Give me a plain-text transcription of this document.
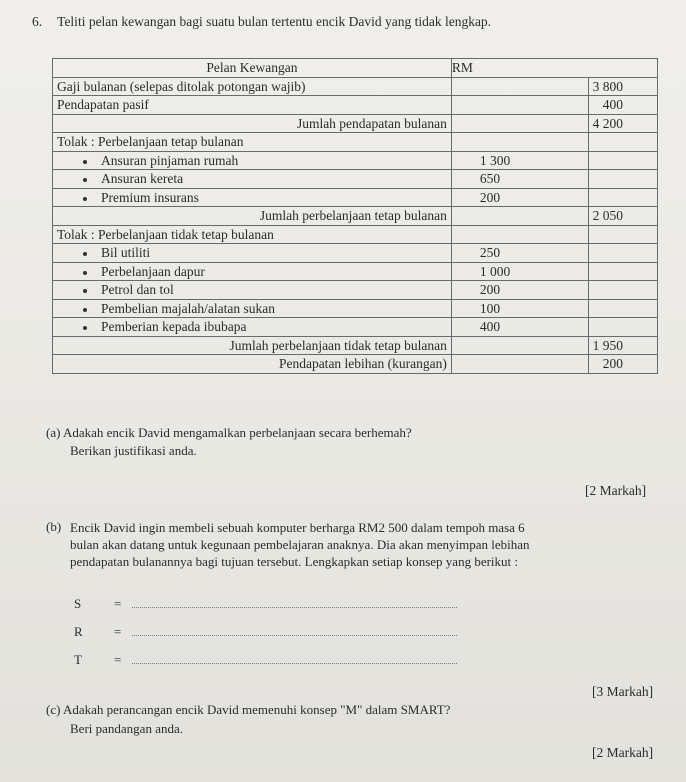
6. Teliti pelan kewangan bagi suatu bulan tertentu encik David yang tidak lengkap.
Pelan Kewangan	RM	
Gaji bulanan (selepas ditolak potongan wajib)		3 800
Pendapatan pasif		400
Jumlah pendapatan bulanan		4 200
Tolak : Perbelanjaan tetap bulanan		
Ansuran pinjaman rumah	1 300	
Ansuran kereta	650	
Premium insurans	200	
Jumlah perbelanjaan tetap bulanan		2 050
Tolak : Perbelanjaan tidak tetap bulanan		
Bil utiliti	250	
Perbelanjaan dapur	1 000	
Petrol dan tol	200	
Pembelian majalah/alatan sukan	100	
Pemberian kepada ibubapa	400	
Jumlah perbelanjaan tidak tetap bulanan		1 950
Pendapatan lebihan (kurangan)		200
(a) Adakah encik David mengamalkan perbelanjaan secara berhemah?
Berikan justifikasi anda.
[2 Markah]
(b) Encik David ingin membeli sebuah komputer berharga RM2 500 dalam tempoh masa 6
bulan akan datang untuk kegunaan pembelajaran anaknya. Dia akan menyimpan lebihan
pendapatan bulanannya bagi tujuan tersebut. Lengkapkan setiap konsep yang berikut :
S	=
R =
T =
[3 Markah]
(c) Adakah perancangan encik David memenuhi konsep "M" dalam SMART?
Beri pandangan anda.
[2 Markah]
